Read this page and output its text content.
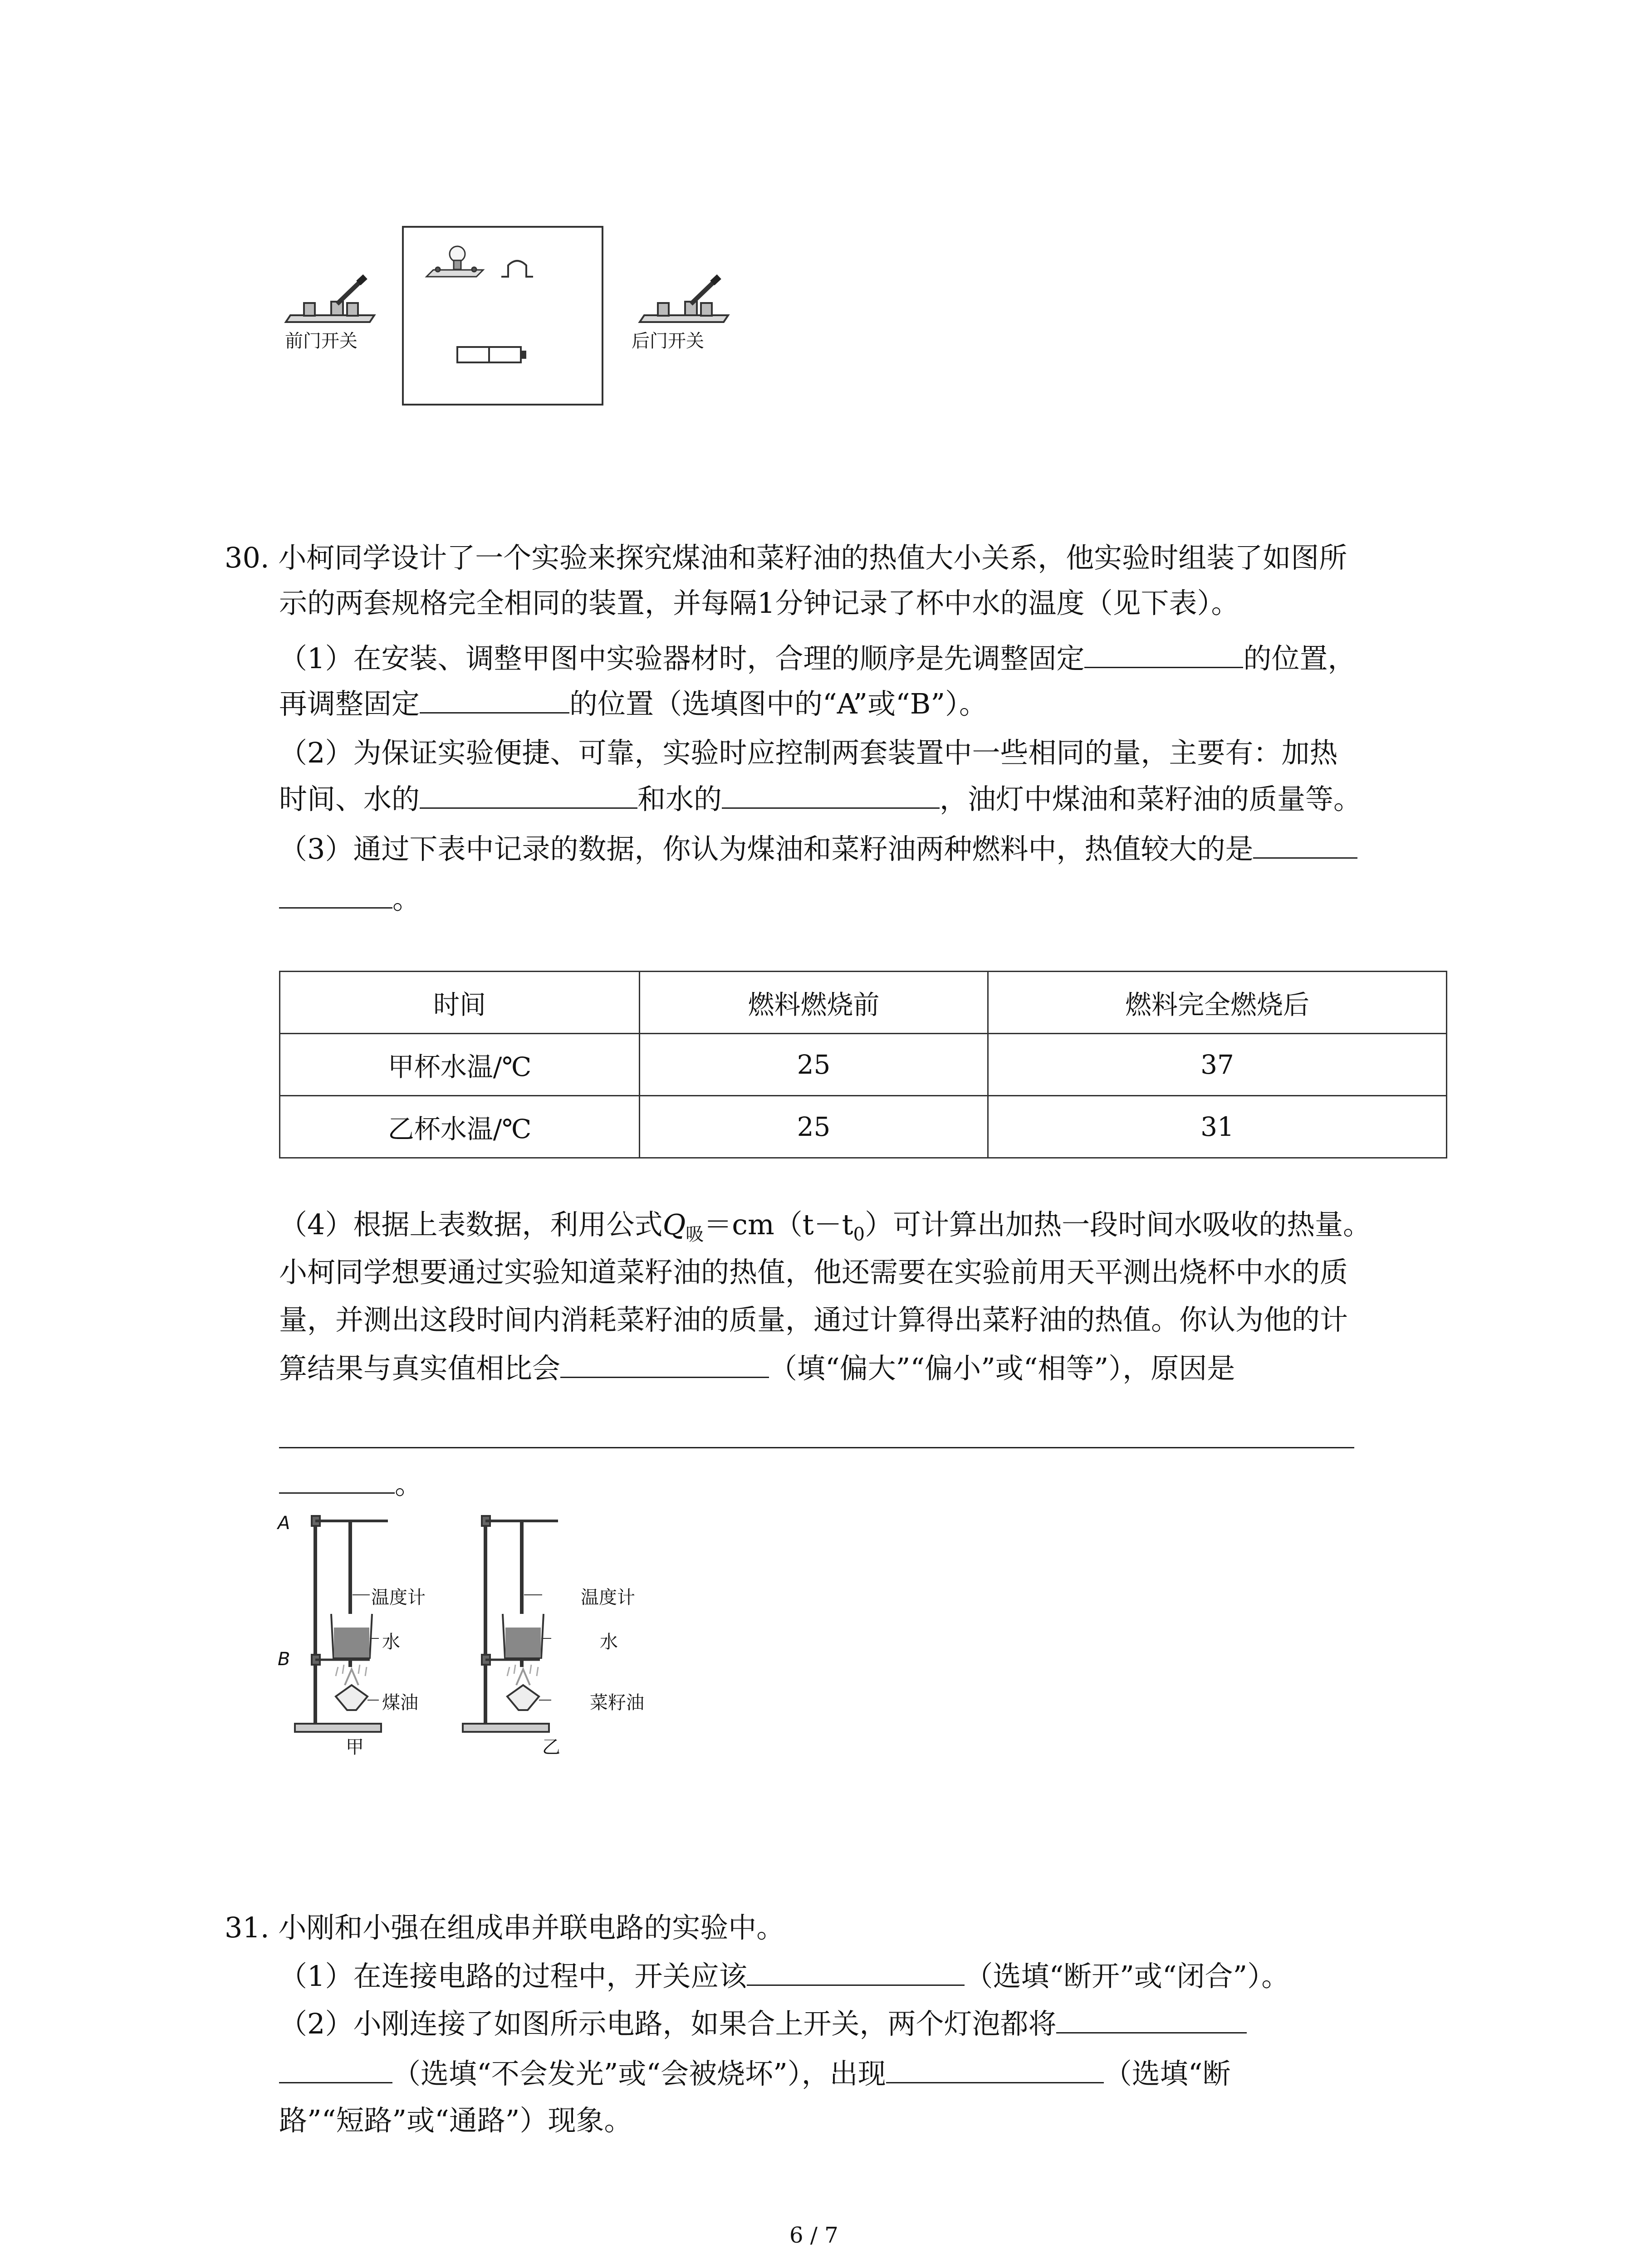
前门开关	后门开关
30. 小柯同学设计了一个实验来探究煤油和菜籽油的热值大小关系，他实验时组装了如图所
示的两套规格完全相同的装置，并每隔1分钟记录了杯中水的温度（见下表）。
（1）在安装、调整甲图中实验器材时，合理的顺序是先调整固定	的位置，
再调整固定	的位置（选填图中的“A”或“B”）。
（2）为保证实验便捷、可靠，实验时应控制两套装置中一些相同的量，主要有：加热
时间、水的	和水的	，油灯中煤油和菜籽油的质量等。
（3）通过下表中记录的数据，你认为煤油和菜籽油两种燃料中，热值较大的是
。
时间	燃料燃烧前	燃料完全燃烧后
甲杯水温/℃	25	37
乙杯水温/℃	25	31
（4）根据上表数据，利用公式$Q_吸=cm(t-t_0)$可计算出加热一段时间水吸收的热量。
小柯同学想要通过实验知道菜籽油的热值，他还需要在实验前用天平测出烧杯中水的质
量，并测出这段时间内消耗菜籽油的质量，通过计算得出菜籽油的热值。你认为他的计
算结果与真实值相比会	（填“偏大”“偏小”或“相等”），原因是
。
A
B
温度计
水
煤油
甲
温度计
水
菜籽油
乙
31. 小刚和小强在组成串并联电路的实验中。
（1）在连接电路的过程中，开关应该	（选填“断开”或“闭合”）。
（2）小刚连接了如图所示电路，如果合上开关，两个灯泡都将
（选填“不会发光”或“会被烧坏”），出现	（选填“断
路”“短路”或“通路”）现象。
6 / 7
